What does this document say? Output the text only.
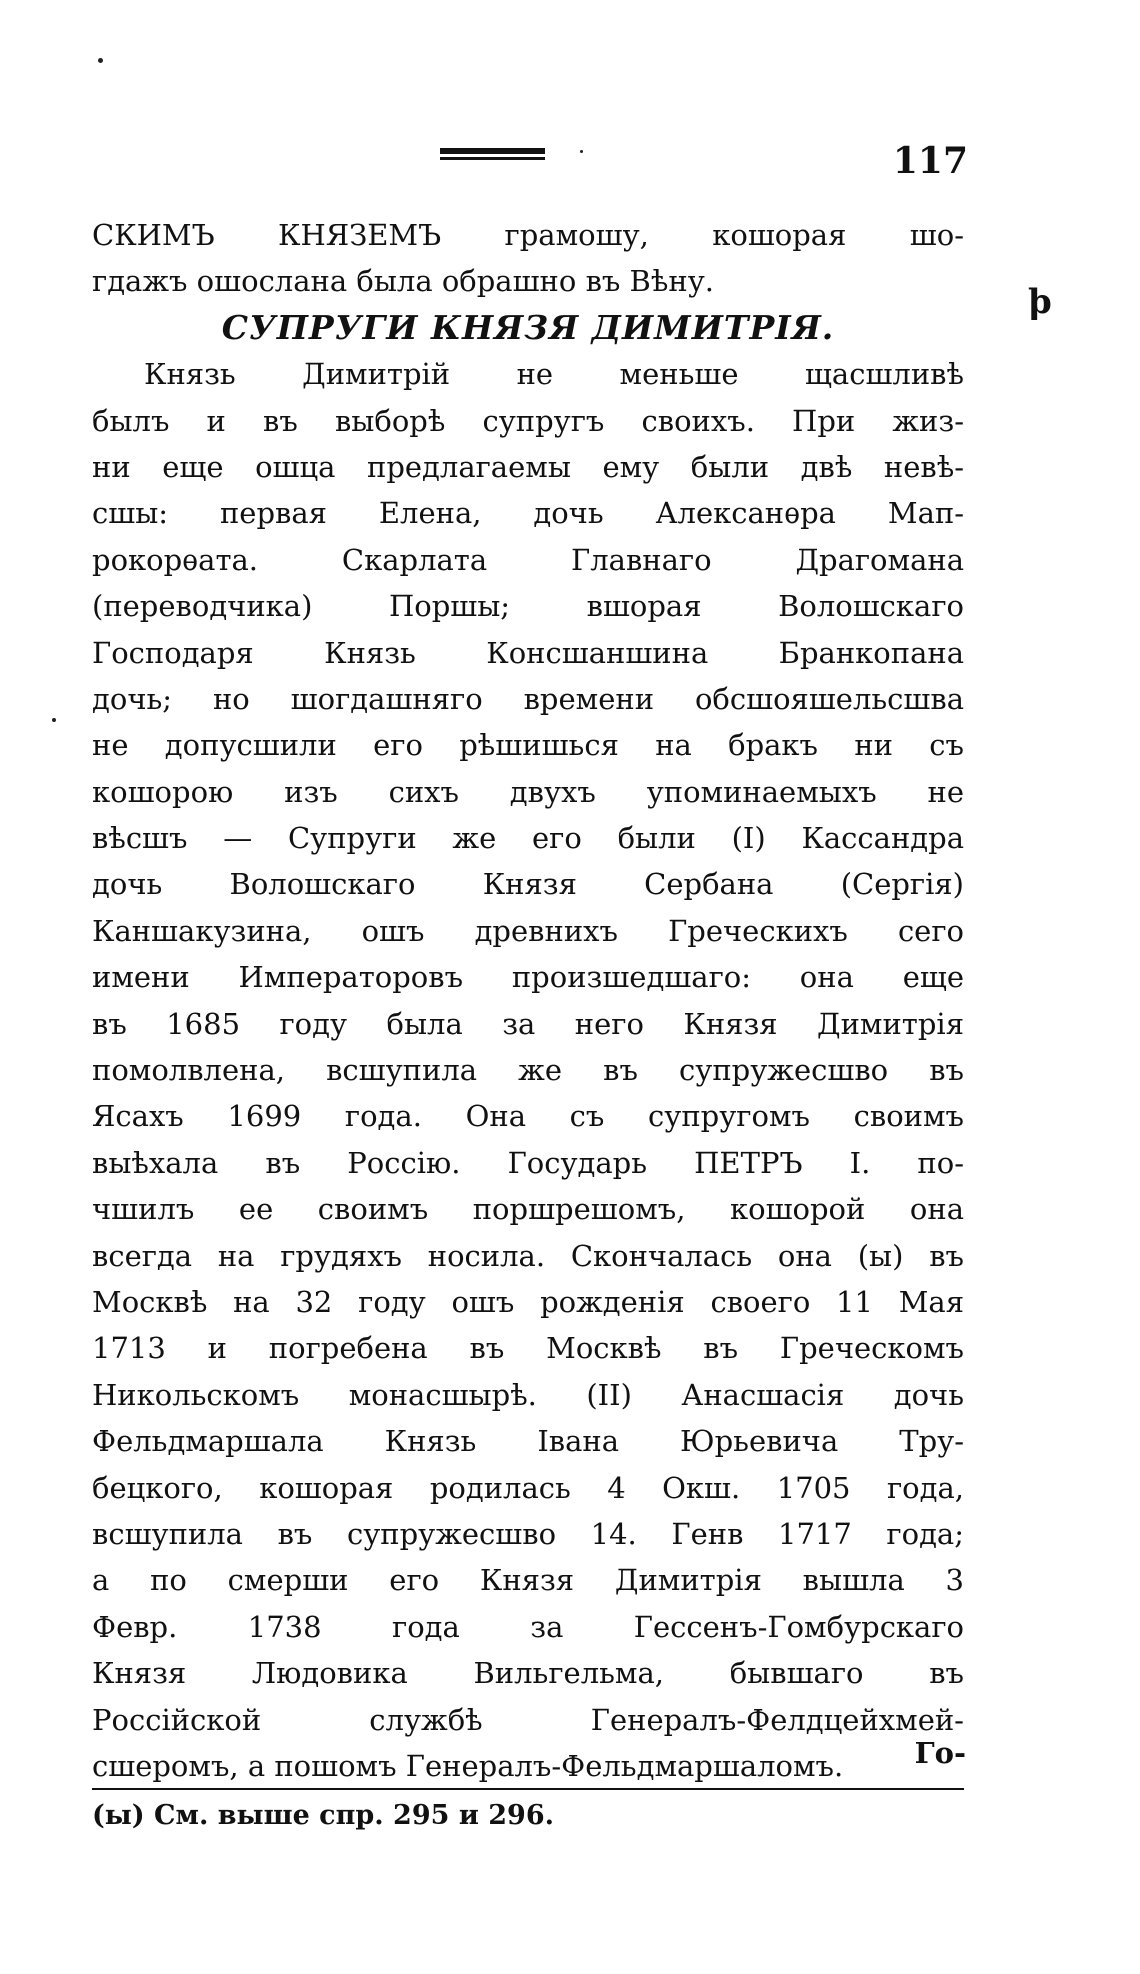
117
СКИМЪ КНЯЗЕМЪ грамошу, кошорая шо-
гдажъ ошослана была обрашно въ Вѣну.
СУПРУГИ КНЯЗЯ ДИМИТРІЯ.
Князь Димитрій не меньше щасшливѣ
былъ и въ выборѣ супругъ своихъ. При жиз-
ни еще ошца предлагаемы ему были двѣ невѣ-
сшы: первая Елена, дочь Алексанѳра Мап-
рокорѳата. Скарлата Главнаго Драгомана
(переводчика) Поршы; вшорая Волошскаго
Господаря Князь Консшаншина Бранкопана
дочь; но шогдашняго времени обсшояшельсшва
не допусшили его рѣшишься на бракъ ни съ
кошорою изъ сихъ двухъ упоминаемыхъ не
вѣсшъ — Супруги же его были (I) Кассандра
дочь Волошскаго Князя Сербана (Сергія)
Каншакузина, ошъ древнихъ Греческихъ сего
имени Императоровъ произшедшаго: она еще
въ 1685 году была за него Князя Димитрія
помолвлена, всшупила же въ супружесшво въ
Ясахъ 1699 года. Она съ супругомъ своимъ
выѣхала въ Россію. Государь ПЕТРЪ I. по-
чшилъ ее своимъ поршрешомъ, кошорой она
всегда на грудяхъ носила. Скончалась она (ы) въ
Москвѣ на 32 году ошъ рожденія своего 11 Мая
1713 и погребена въ Москвѣ въ Греческомъ
Никольскомъ монасшырѣ. (II) Анасшасія дочь
Фельдмаршала Князь Івана Юрьевича Тру-
бецкого, кошорая родилась 4 Окш. 1705 года,
всшупила въ супружесшво 14. Генв 1717 года;
а по смерши его Князя Димитрія вышла 3
Февр. 1738 года за Гессенъ-Гомбурскаго
Князя Людовика Вильгельма, бывшаго въ
Россійской службѣ Генералъ-Фелдцейхмей-
сшеромъ, а пошомъ Генералъ-Фельдмаршаломъ.	Го-
(ы) См. выше спр. 295 и 296.
ϸ
